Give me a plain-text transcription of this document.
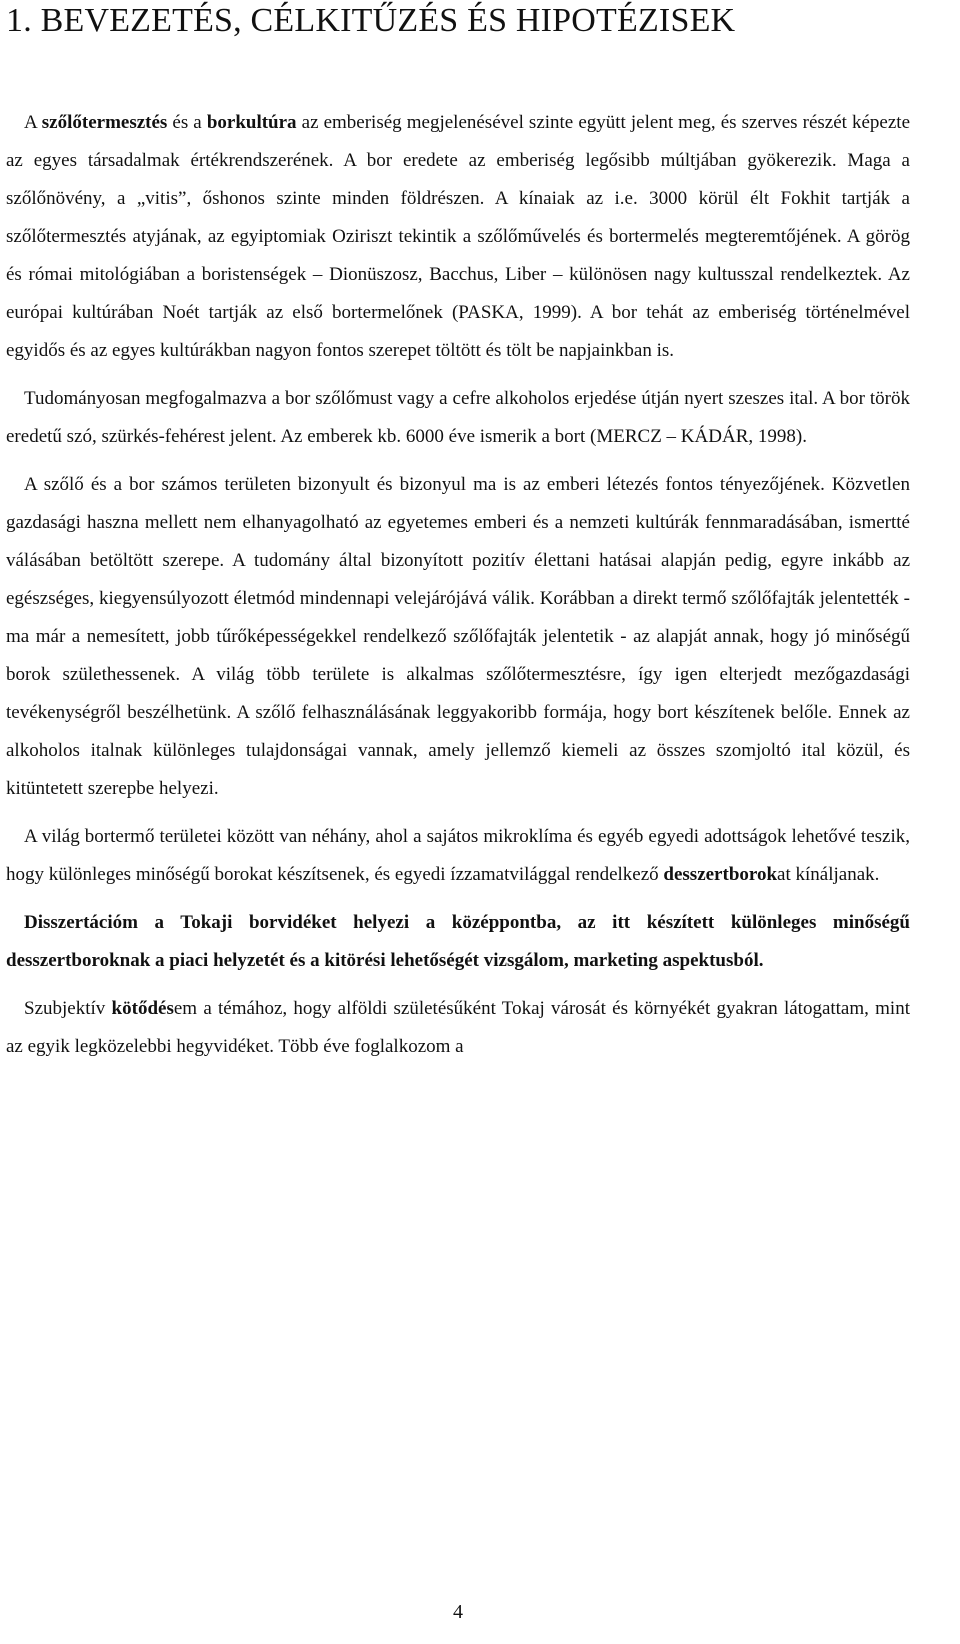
1. BEVEZETÉS, CÉLKITŰZÉS ÉS HIPOTÉZISEK

A szőlőtermesztés és a borkultúra az emberiség megjelenésével szinte együtt jelent meg, és szerves részét képezte az egyes társadalmak értékrendszerének. A bor eredete az emberiség legősibb múltjában gyökerezik. Maga a szőlőnövény, a „vitis”, őshonos szinte minden földrészen. A kínaiak az i.e. 3000 körül élt Fokhit tartják a szőlőtermesztés atyjának, az egyiptomiak Oziriszt tekintik a szőlőművelés és bortermelés megteremtőjének. A görög és római mitológiában a boristenségek – Dionüszosz, Bacchus, Liber – különösen nagy kultusszal rendelkeztek. Az európai kultúrában Noét tartják az első bortermelőnek (PASKA, 1999). A bor tehát az emberiség történelmével egyidős és az egyes kultúrákban nagyon fontos szerepet töltött és tölt be napjainkban is.

Tudományosan megfogalmazva a bor szőlőmust vagy a cefre alkoholos erjedése útján nyert szeszes ital. A bor török eredetű szó, szürkés-fehérest jelent. Az emberek kb. 6000 éve ismerik a bort (MERCZ – KÁDÁR, 1998).

A szőlő és a bor számos területen bizonyult és bizonyul ma is az emberi létezés fontos tényezőjének. Közvetlen gazdasági haszna mellett nem elhanyagolható az egyetemes emberi és a nemzeti kultúrák fennmaradásában, ismertté válásában betöltött szerepe. A tudomány által bizonyított pozitív élettani hatásai alapján pedig, egyre inkább az egészséges, kiegyensúlyozott életmód mindennapi velejárójává válik. Korábban a direkt termő szőlőfajták jelentették - ma már a nemesített, jobb tűrőképességekkel rendelkező szőlőfajták jelentetik - az alapját annak, hogy jó minőségű borok születhessenek. A világ több területe is alkalmas szőlőtermesztésre, így igen elterjedt mezőgazdasági tevékenységről beszélhetünk. A szőlő felhasználásának leggyakoribb formája, hogy bort készítenek belőle. Ennek az alkoholos italnak különleges tulajdonságai vannak, amely jellemző kiemeli az összes szomjoltó ital közül, és kitüntetett szerepbe helyezi.

A világ bortermő területei között van néhány, ahol a sajátos mikroklíma és egyéb egyedi adottságok lehetővé teszik, hogy különleges minőségű borokat készítsenek, és egyedi ízzamatvilággal rendelkező desszertborokat kínáljanak.

Disszertációm a Tokaji borvidéket helyezi a középpontba, az itt készített különleges minőségű desszertboroknak a piaci helyzetét és a kitörési lehetőségét vizsgálom, marketing aspektusból.

Szubjektív kötődésem a témához, hogy alföldi születésűként Tokaj városát és környékét gyakran látogattam, mint az egyik legközelebbi hegyvidéket. Több éve foglalkozom a

4
